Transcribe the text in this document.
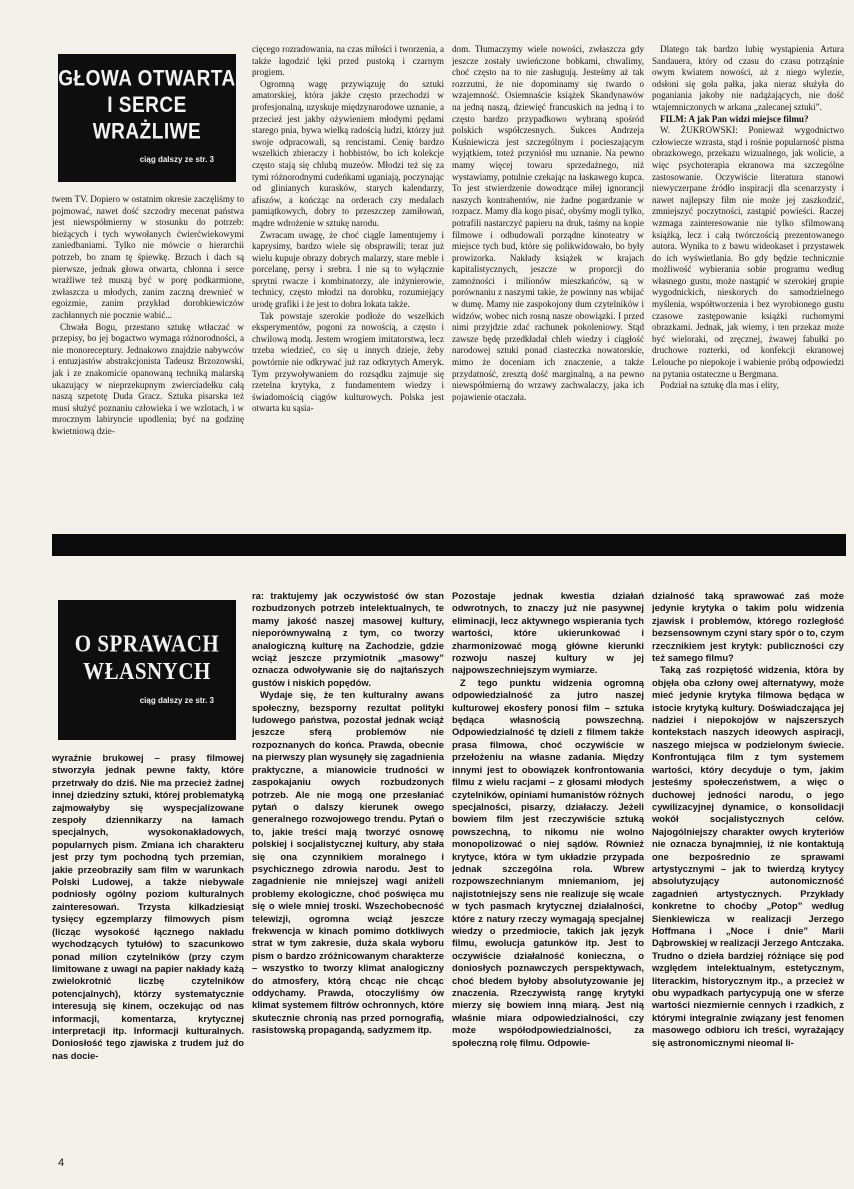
GŁOWA OTWARTA I SERCE WRAŻLIWE
ciąg dalszy ze str. 3

twem TV. Dopiero w ostatnim okresie zaczęliśmy to pojmować, nawet dość szczodry mecenat państwa jest niewspółmierny w stosunku do potrzeb: bieżących i tych wywołanych ćwierćwiekowymi zaniedbaniami. Tylko nie mówcie o hierarchii potrzeb, bo znam tę śpiewkę. Brzuch i dach są pierwsze, jednak głowa otwarta, chłonna i serce wrażliwe też muszą być w porę podkarmione, zwłaszcza u młodych, zanim zaczną drewnieć w egoizmie, zanim przykład dorobkiewiczów zachłannych nie pocznie wabić...

Chwała Bogu, przestano sztukę wtłaczać w przepisy, bo jej bogactwo wymaga różnorodności, a nie monoreceptury. Jednakowo znajdzie nabywców i entuzjastów abstrakcjonista Tadeusz Brzozowski, jak i ze znakomicie opanowaną techniką malarską ukazujący w nieprzekupnym zwierciadełku całą naszą szpetotę Duda Gracz. Sztuka pisarska też musi służyć poznaniu człowieka i we wzlotach, i w mrocznym labiryncie upodlenia; być na godzinę kwietniową dzie-

cięcego rozradowania, na czas miłości i tworzenia, a także łagodzić lęki przed pustoką i czarnym progiem.

Ogromną wagę przywiązuję do sztuki amatorskiej, która jakże często przechodzi w profesjonalną, uzyskuje międzynarodowe uznanie, a przecież jest jakby ożywieniem młodymi pędami starego pnia, bywa wielką radością ludzi, którzy już swoje odpracowali, są rencistami. Cenię bardzo wszelkich zbieraczy i hobbistów, bo ich kolekcje często stają się chlubą muzeów. Młodzi też się za tymi różnorodnymi cudeńkami uganiają, poczynając od glinianych kurasków, starych kalendarzy, afiszów, a kończąc na orderach czy medalach pamiątkowych, dobry to przeszczep zamiłowań, mądre wdrożenie w sztukę narodu.

Zwracam uwagę, że choć ciągle lamentujemy i kaprysimy, bardzo wiele się obsprawili; teraz już wielu kupuje obrazy dobrych malarzy, stare meble i porcelanę, persy i srebra. I nie są to wyłącznie sprytni rwacze i kombinatorzy, ale inżynierowie, technicy, często młodzi na dorobku, rozumiejący urodę grafiki i że jest to dobra lokata także.

Tak powstaje szerokie podłoże do wszelkich eksperymentów, pogoni za nowością, a często i chwilową modą. Jestem wrogiem imitatorstwa, lecz trzeba wiedzieć, co się u innych dzieje, żeby powtórnie nie odkrywać już raz odkrytych Ameryk. Tym przywoływaniem do rozsądku zajmuje się rzetelna krytyka, z fundamentem wiedzy i świadomością ciągów kulturowych. Polska jest otwarta ku sąsia-

dom. Tłumaczymy wiele nowości, zwłaszcza gdy jeszcze zostały uwieńczone bobkami, chwalimy, choć często na to nie zasługują. Jesteśmy aż tak rozrzutni, że nie dopominamy się twardo o wzajemność. Osiemnaście książek Skandynawów na jedną naszą, dziewięć francuskich na jedną i to często bardzo przypadkowo wybraną spośród polskich współczesnych. Sukces Andrzeja Kuśniewicza jest szczególnym i pocieszającym wyjątkiem, toteż przyniósł mu uznanie. Na pewno mamy więcej towaru sprzedażnego, niż wystawiamy, potulnie czekając na łaskawego kupca. To jest stwierdzenie dowodzące miłej ignorancji naszych kontrahentów, nie żadne pogardzanie w rozpacz. Mamy dla kogo pisać, obyśmy mogli tylko, potrafili nastarczyć papieru na druk, taśmy na kopie filmowe i odbudowali porządne kinoteatry w miejsce tych bud, które się polikwidowało, bo były prowizorka. Nakłady książek w krajach kapitalistycznych, jeszcze w proporcji do zamożności i milionów mieszkańców, są w porównaniu z naszymi takie, że powinny nas wbijać w dumę. Mamy nie zaspokojony tłum czytelników i widzów, wobec nich rosną nasze obowiązki. I przed nimi przyjdzie zdać rachunek pokoleniowy. Stąd zawsze będę przedkładał chleb wiedzy i ciągłość narodowej sztuki ponad ciasteczka nowatorskie, mimo że doceniam ich znaczenie, a także przydatność, zresztą dość marginalną, a na pewno niewspółmierną do wrzawy zachwalaczy, jaka ich pojawienie otaczała.

Dlatego tak bardzo lubię wystąpienia Artura Sandauera, który od czasu do czasu potrząśnie owym kwiatem nowości, aż z niego wylezie, odsłoni się goła pałka, jaka nieraz służyła do poganiania jakoby nie nadążających, nie dość wtajemniczonych w arkana „zalecanej sztuki”.

FILM: A jak Pan widzi miejsce filmu?

W. ŻUKROWSKI: Ponieważ wygodnictwo człowiecze wzrasta, stąd i rośnie popularność pisma obrazkowego, przekazu wizualnego, jak wolicie, a więc psychoterapia ekranowa ma szczególne zastosowanie. Oczywiście literatura stanowi niewyczerpane źródło inspiracji dla scenarzysty i nawet najlepszy film nie może jej zaszkodzić, zmniejszyć poczytności, zastąpić powieści. Raczej wzmaga zainteresowanie nie tylko sfilmowaną książką, lecz i całą twórczością prezentowanego autora. Wynika to z bawu wideokaset i przystawek do ich wyświetlania. Bo gdy będzie technicznie możliwość wybierania sobie programu według własnego gustu, może nastąpić w szerokiej grupie wygodnickich, nieskorych do samodzielnego myślenia, współtworzenia i bez wyrobionego gustu czasowe zastępowanie książki ruchomymi obrazkami. Jednak, jak wiemy, i ten przekaz może być wieloraki, od zręcznej, żwawej fabułki po druchowe rozterki, od konfekcji ekranowej Lelouche po niepokoje i wabienie próbą odpowiedzi na pytania ostateczne u Bergmana.

Podział na sztukę dla mas i elity,

O SPRAWACH WŁASNYCH
ciąg dalszy ze str. 3

wyraźnie brukowej – prasy filmowej stworzyła jednak pewne fakty, które przetrwały do dziś. Nie ma przecież żadnej innej dziedziny sztuki, której problematyką zajmowałyby się wyspecjalizowane zespoły dziennikarzy na łamach specjalnych, wysokonakładowych, popularnych pism. Zmiana ich charakteru jest przy tym pochodną tych przemian, jakie przeobraziły sam film w warunkach Polski Ludowej, a także niebywale podniosły ogólny poziom kulturalnych zainteresowań. Trzysta kilkadziesiąt tysięcy egzemplarzy filmowych pism (licząc wysokość łącznego nakładu wychodzących tytułów) to szacunkowo ponad milion czytelników (przy czym limitowane z uwagi na papier nakłady każą zwielokrotnić liczbę czytelników potencjalnych), którzy systematycznie interesują się kinem, oczekując od nas informacji, komentarza, krytycznej interpretacji itp. Informacji kulturalnych. Doniosłość tego zjawiska z trudem już do nas docie-

ra: traktujemy jak oczywistość ów stan rozbudzonych potrzeb intelektualnych, te mamy jakość naszej masowej kultury, nieporównywalną z tym, co tworzy analogiczną kulturę na Zachodzie, gdzie wciąż jeszcze przymiotnik „masowy” oznacza odwoływanie się do najtańszych gustów i niskich popędów.

Wydaje się, że ten kulturalny awans społeczny, bezsporny rezultat polityki ludowego państwa, pozostał jednak wciąż jeszcze sferą problemów nie rozpoznanych do końca. Prawda, obecnie na pierwszy plan wysunęły się zagadnienia praktyczne, a mianowicie trudności w zaspokajaniu owych rozbudzonych potrzeb. Ale nie mogą one przesłaniać pytań o dalszy kierunek owego generalnego rozwojowego trendu. Pytań o to, jakie treści mają tworzyć osnowę polskiej i socjalistycznej kultury, aby stała się ona czynnikiem moralnego i psychicznego zdrowia narodu. Jest to zagadnienie nie mniejszej wagi aniżeli problemy ekologiczne, choć poświęca mu się o wiele mniej troski. Wszechobecność telewizji, ogromna wciąż jeszcze frekwencja w kinach pomimo dotkliwych strat w tym zakresie, duża skala wyboru pism o bardzo zróżnicowanym charakterze – wszystko to tworzy klimat analogiczny do atmosfery, którą chcąc nie chcąc oddychamy. Prawda, otoczyliśmy ów klimat systemem filtrów ochronnych, które skutecznie chronią nas przed pornografią, rasistowską propagandą, sadyzmem itp.

Pozostaje jednak kwestia działań odwrotnych, to znaczy już nie pasywnej eliminacji, lecz aktywnego wspierania tych wartości, które ukierunkować i zharmonizować mogą główne kierunki rozwoju naszej kultury w jej najpowszechniejszym wymiarze.

Z tego punktu widzenia ogromną odpowiedzialność za jutro naszej kulturowej ekosfery ponosi film – sztuka będąca własnością powszechną. Odpowiedzialność tę dzieli z filmem także prasa filmowa, choć oczywiście w przełożeniu na własne zadania. Między innymi jest to obowiązek konfrontowania filmu z wielu racjami – z głosami młodych czytelników, opiniami humanistów różnych specjalności, pisarzy, działaczy. Jeżeli bowiem film jest rzeczywiście sztuką powszechną, to nikomu nie wolno monopolizować o niej sądów. Również krytyce, która w tym układzie przypada jednak szczególna rola. Wbrew rozpowszechnianym mniemaniom, jej najistotniejszy sens nie realizuje się wcale w tych pasmach krytycznej działalności, które z natury rzeczy wymagają specjalnej wiedzy o przedmiocie, takich jak język filmu, ewolucja gatunków itp. Jest to oczywiście działalność konieczna, o doniosłych poznawczych perspektywach, choć bledem byłoby absolutyzowanie jej znaczenia. Rzeczywistą rangę krytyki mierzy się bowiem inną miarą. Jest nią właśnie miara odpowiedzialności, czy może współodpowiedzialności, za społeczną rolę filmu. Odpowie-

dzialność taką sprawować zaś może jedynie krytyka o takim polu widzenia zjawisk i problemów, którego rozległość bezsensownym czyni stary spór o to, czym rzecznikiem jest krytyk: publiczności czy też samego filmu?

Taką zaś rozpiętość widzenia, która by objęła oba człony owej alternatywy, może mieć jedynie krytyka filmowa będąca w istocie krytyką kultury. Doświadczająca jej nadziei i niepokojów w najszerszych kontekstach naszych ideowych aspiracji, naszego miejsca w podzielonym świecie. Konfrontująca film z tym systemem wartości, który decyduje o tym, jakim jesteśmy społeczeństwem, a więc o duchowej jedności narodu, o jego cywilizacyjnej dynamice, o konsolidacji wokół socjalistycznych celów. Najogólniejszy charakter owych kryteriów nie oznacza bynajmniej, iż nie kontaktują one bezpośrednio ze sprawami artystycznymi – jak to twierdzą krytycy absolutyzujący autonomiczność zagadnień artystycznych. Przykłady konkretne to choćby „Potop” według Sienkiewicza w realizacji Jerzego Hoffmana i „Noce i dnie” Marii Dąbrowskiej w realizacji Jerzego Antczaka. Trudno o dzieła bardziej różniące się pod względem intelektualnym, estetycznym, literackim, historycznym itp., a przecież w obu wypadkach partycypują one w sferze wartości niezmiernie cennych i rzadkich, z którymi integralnie związany jest fenomen masowego odbioru ich treści, wyrażający się astronomicznymi nieomal li-

4
